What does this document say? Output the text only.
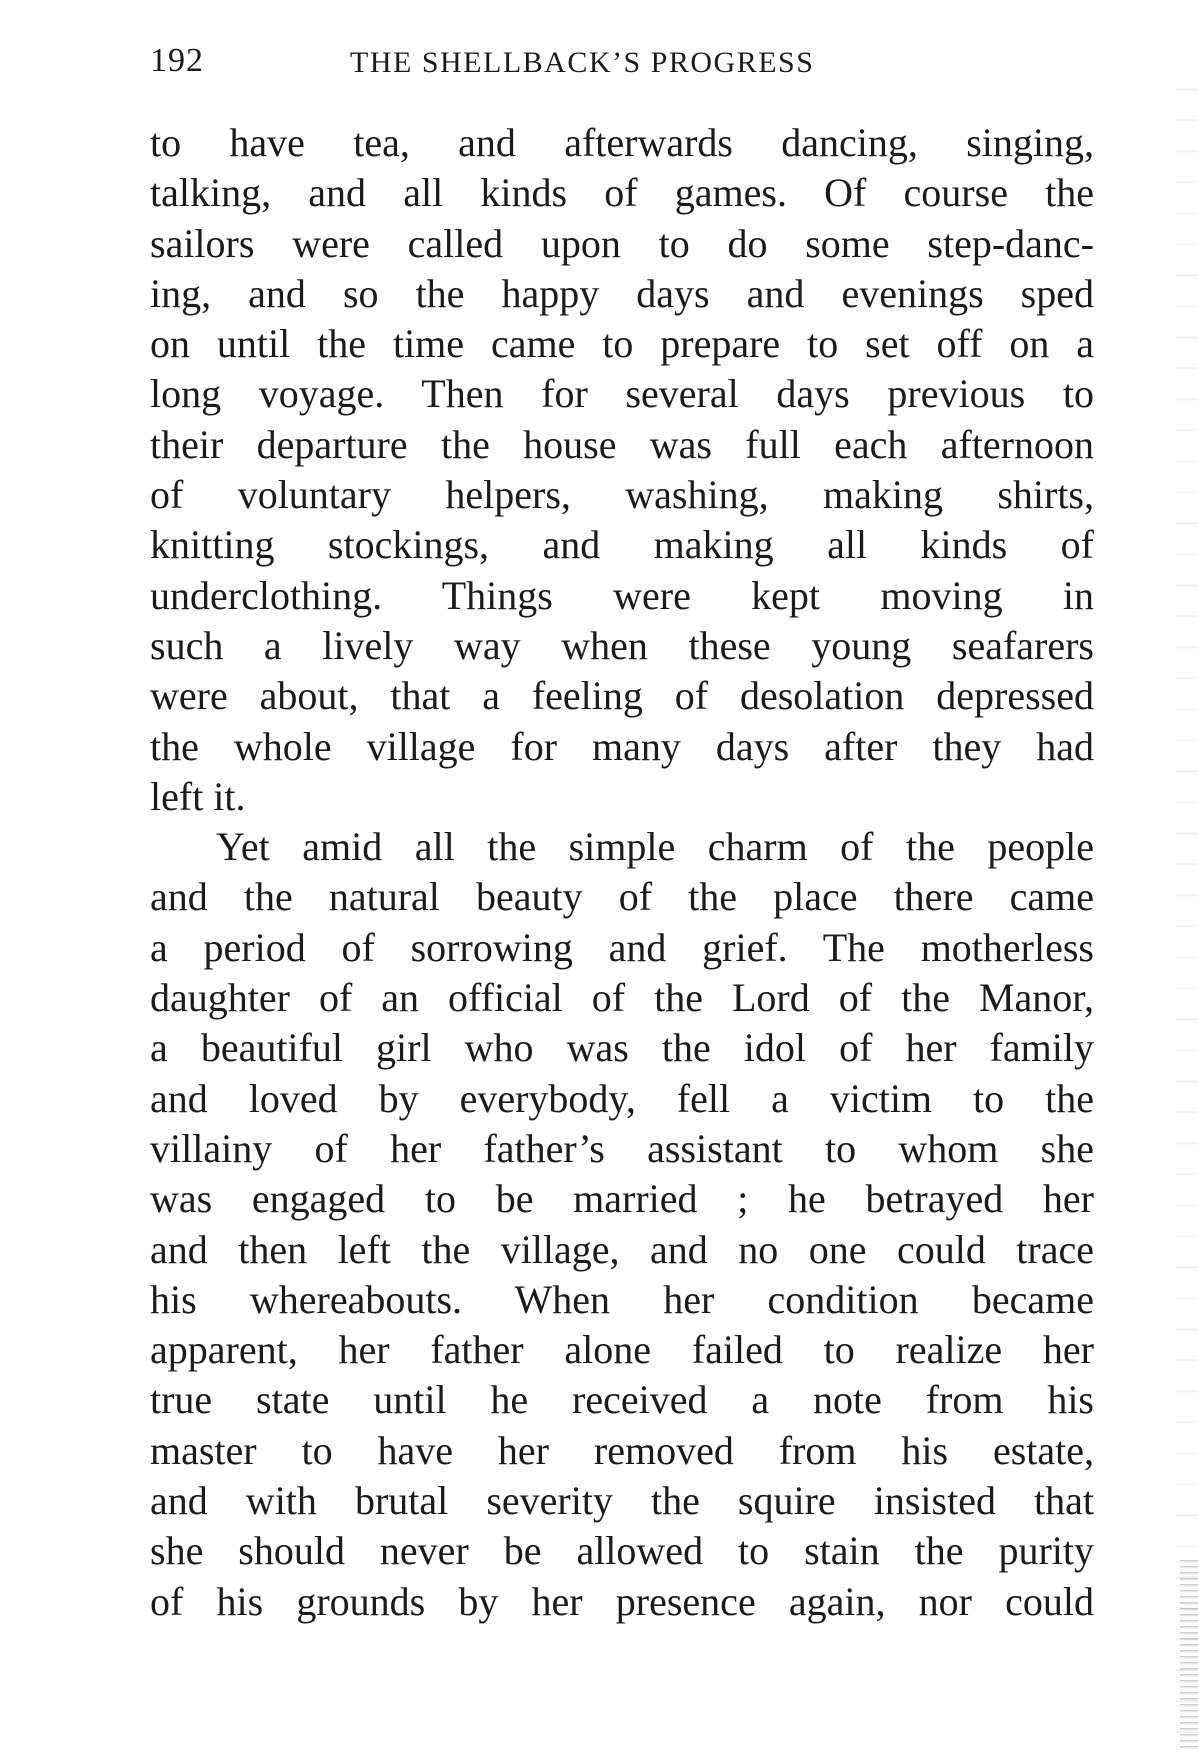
192	THE SHELLBACK’S PROGRESS
to have tea, and afterwards dancing, singing,
talking, and all kinds of games. Of course the
sailors were called upon to do some step-danc-
ing, and so the happy days and evenings sped
on until the time came to prepare to set off on a
long voyage. Then for several days previous to
their departure the house was full each afternoon
of voluntary helpers, washing, making shirts,
knitting stockings, and making all kinds of
underclothing. Things were kept moving in
such a lively way when these young seafarers
were about, that a feeling of desolation depressed
the whole village for many days after they had
left it.
Yet amid all the simple charm of the people
and the natural beauty of the place there came
a period of sorrowing and grief. The motherless
daughter of an official of the Lord of the Manor,
a beautiful girl who was the idol of her family
and loved by everybody, fell a victim to the
villainy of her father’s assistant to whom she
was engaged to be married ; he betrayed her
and then left the village, and no one could trace
his whereabouts. When her condition became
apparent, her father alone failed to realize her
true state until he received a note from his
master to have her removed from his estate,
and with brutal severity the squire insisted that
she should never be allowed to stain the purity
of his grounds by her presence again, nor could
